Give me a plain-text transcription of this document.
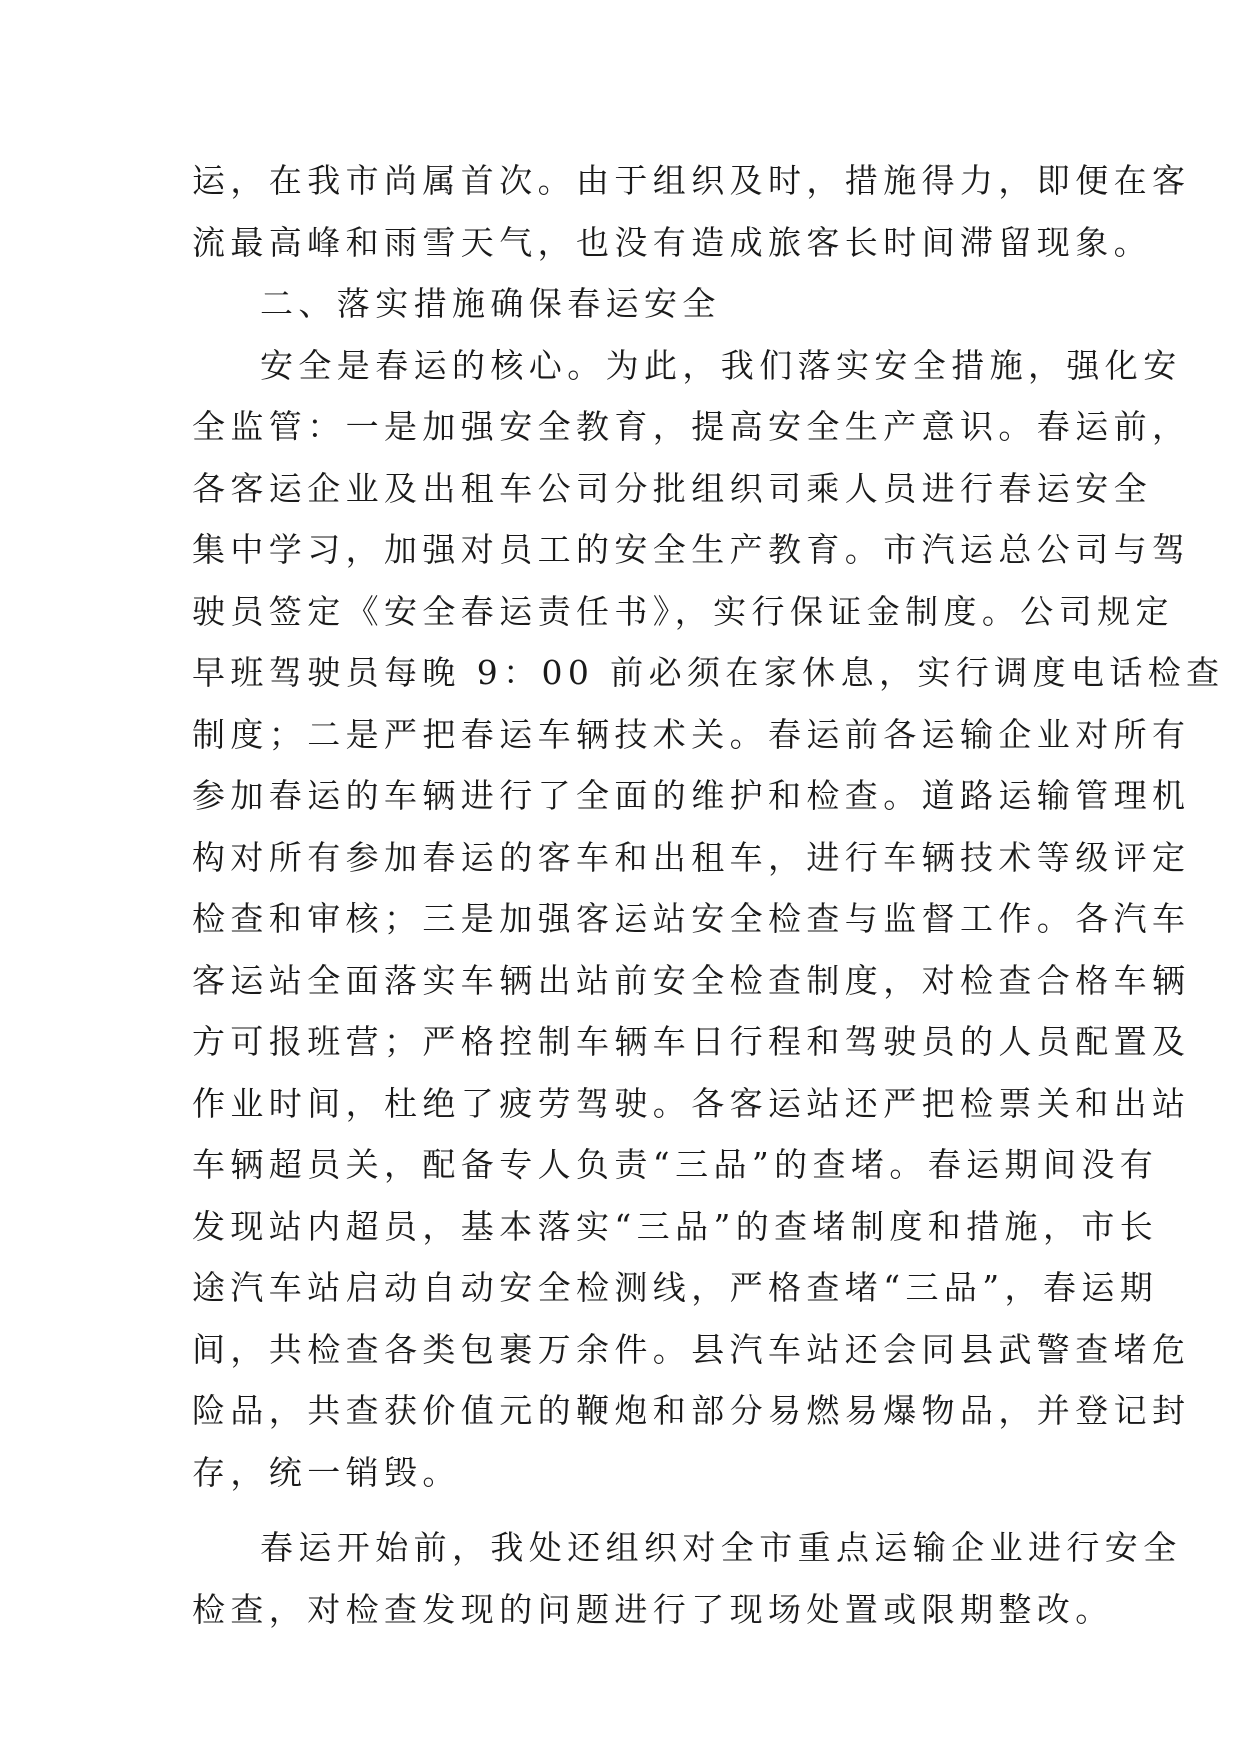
运，在我市尚属首次。由于组织及时，措施得力，即便在客
流最高峰和雨雪天气，也没有造成旅客长时间滞留现象。
二、落实措施确保春运安全
安全是春运的核心。为此，我们落实安全措施，强化安
全监管：一是加强安全教育，提高安全生产意识。春运前，
各客运企业及出租车公司分批组织司乘人员进行春运安全
集中学习，加强对员工的安全生产教育。市汽运总公司与驾
驶员签定《安全春运责任书》，实行保证金制度。公司规定
早班驾驶员每晚 9：00 前必须在家休息，实行调度电话检查
制度；二是严把春运车辆技术关。春运前各运输企业对所有
参加春运的车辆进行了全面的维护和检查。道路运输管理机
构对所有参加春运的客车和出租车，进行车辆技术等级评定
检查和审核；三是加强客运站安全检查与监督工作。各汽车
客运站全面落实车辆出站前安全检查制度，对检查合格车辆
方可报班营；严格控制车辆车日行程和驾驶员的人员配置及
作业时间，杜绝了疲劳驾驶。各客运站还严把检票关和出站
车辆超员关，配备专人负责“三品”的查堵。春运期间没有
发现站内超员，基本落实“三品”的查堵制度和措施，市长
途汽车站启动自动安全检测线，严格查堵“三品”，春运期
间，共检查各类包裹万余件。县汽车站还会同县武警查堵危
险品，共查获价值元的鞭炮和部分易燃易爆物品，并登记封
存，统一销毁。
春运开始前，我处还组织对全市重点运输企业进行安全
检查，对检查发现的问题进行了现场处置或限期整改。
